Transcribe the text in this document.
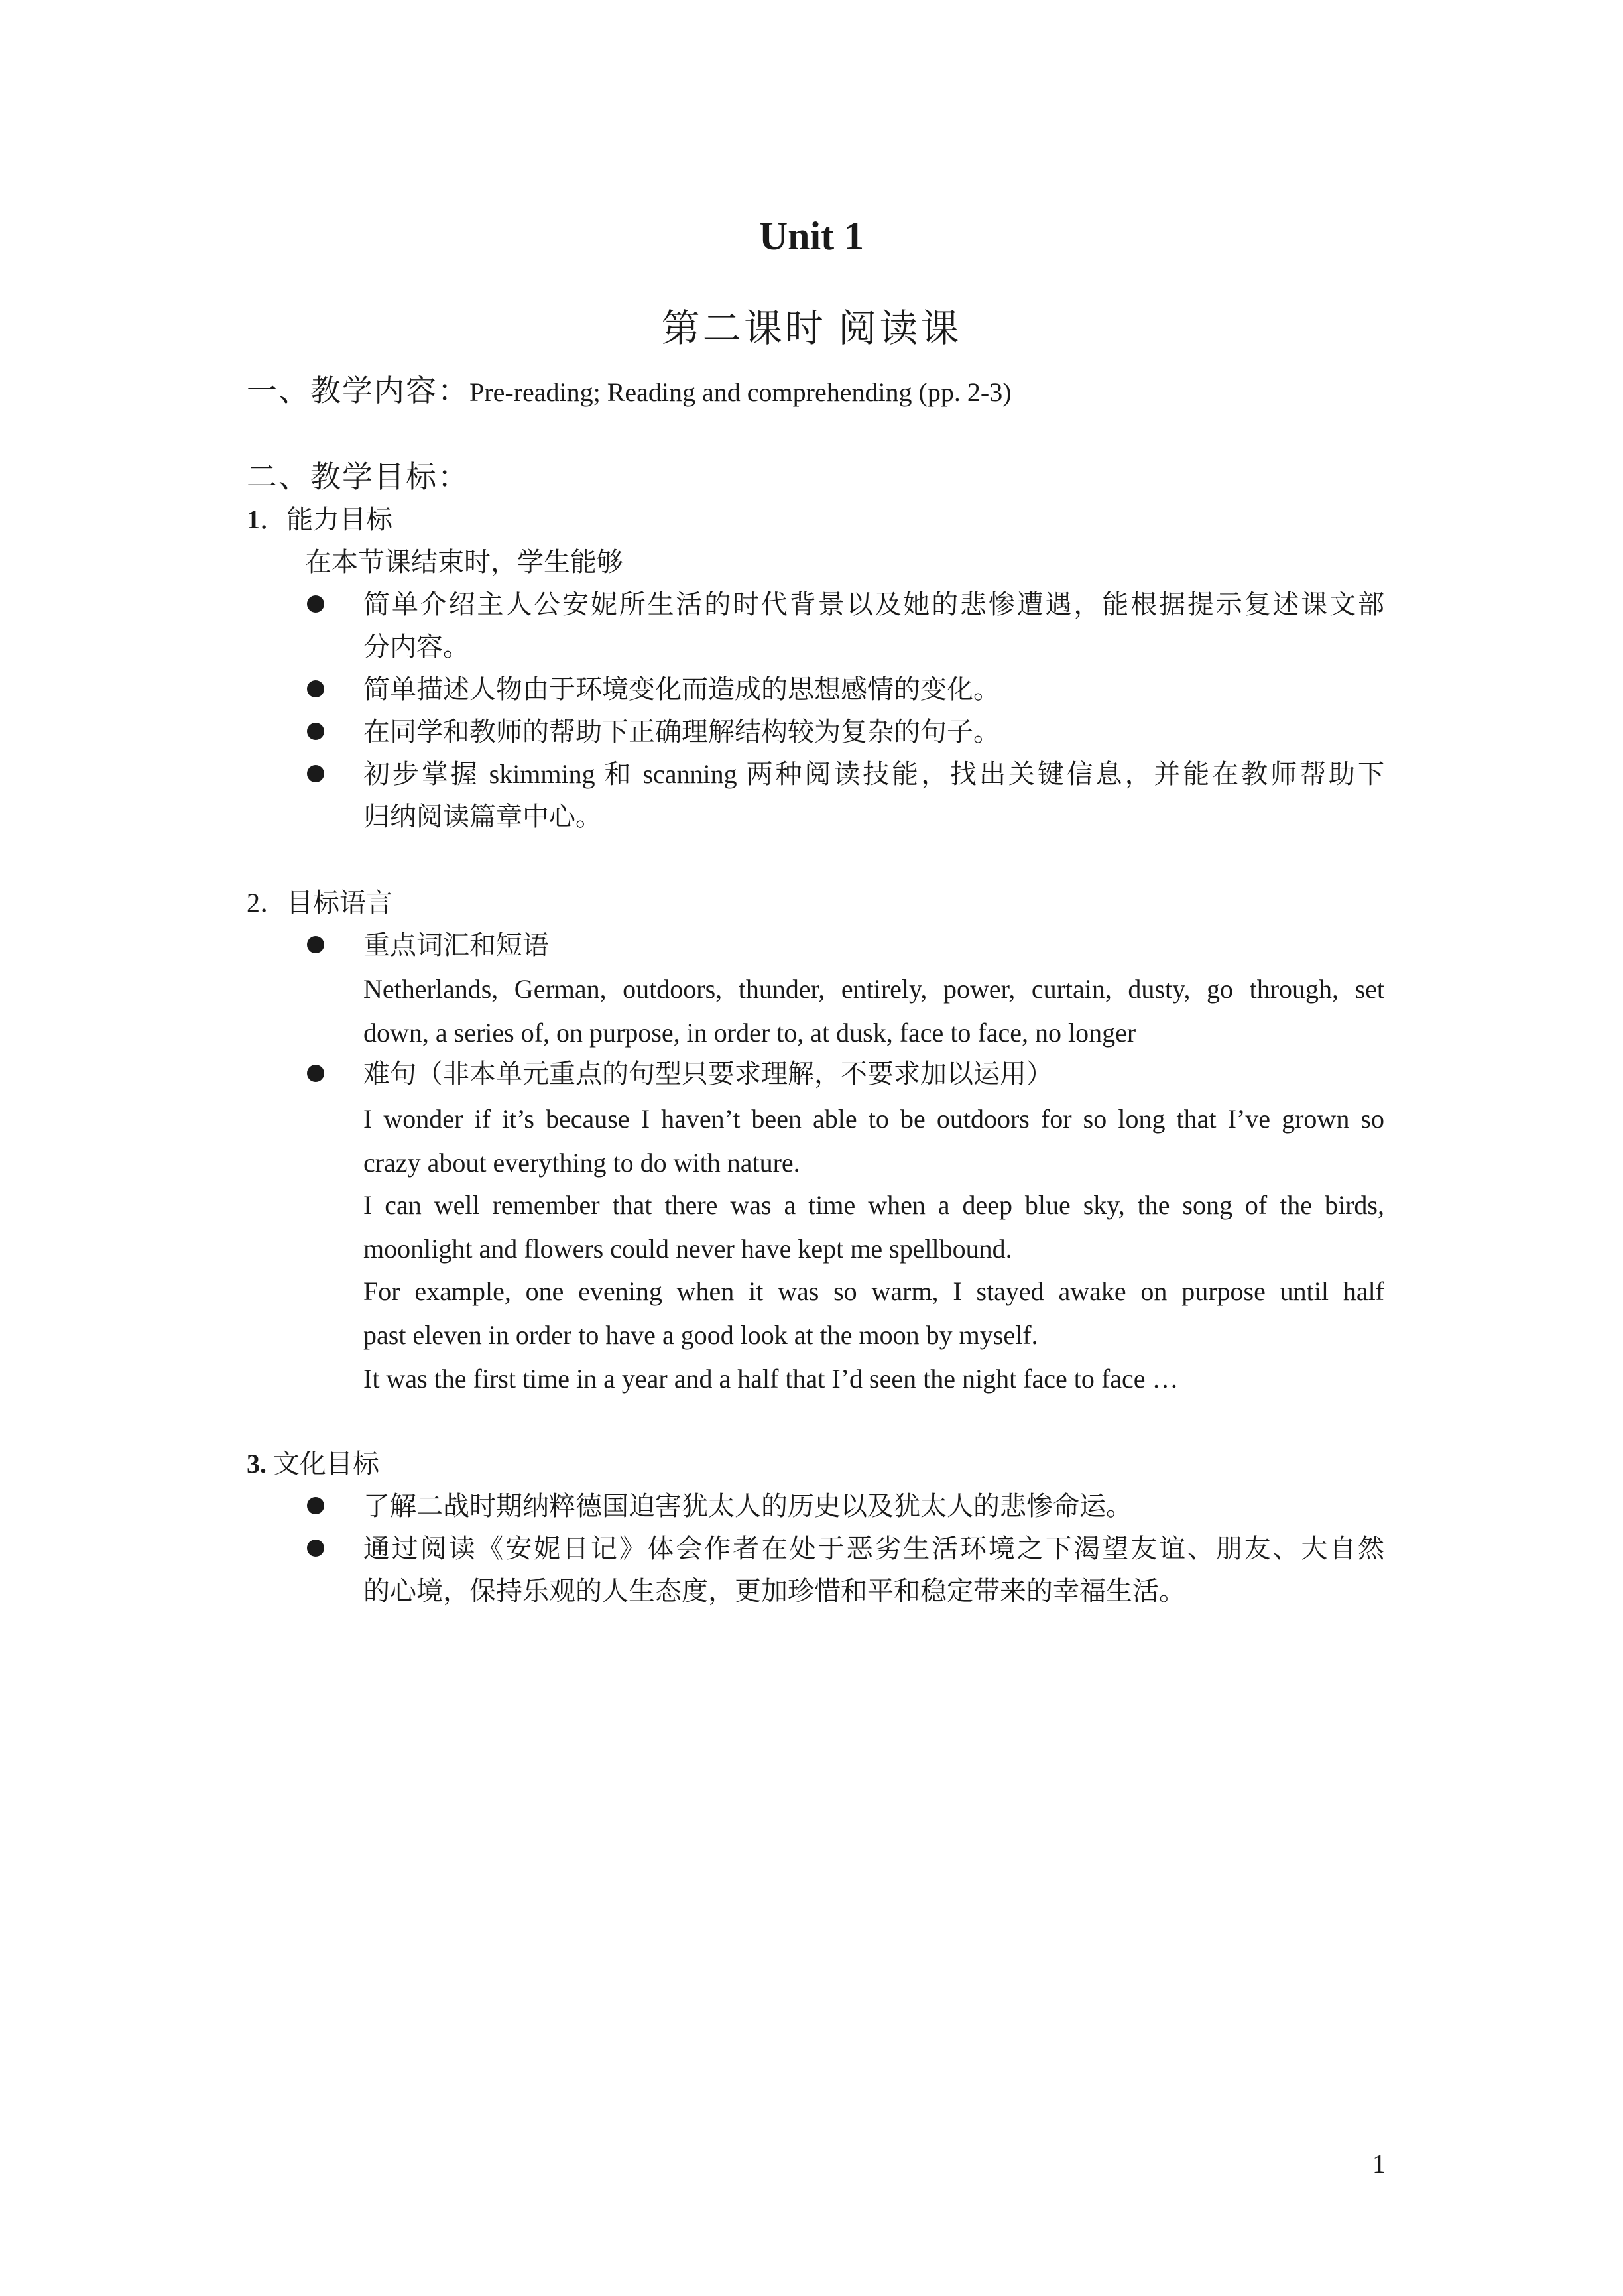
Unit 1
第二课时 阅读课
一、教学内容：Pre-reading; Reading and comprehending (pp. 2-3)
二、教学目标：
1．能力目标
在本节课结束时，学生能够
简单介绍主人公安妮所生活的时代背景以及她的悲惨遭遇，能根据提示复述课文部
分内容。
简单描述人物由于环境变化而造成的思想感情的变化。
在同学和教师的帮助下正确理解结构较为复杂的句子。
初步掌握 skimming 和 scanning 两种阅读技能，找出关键信息，并能在教师帮助下
归纳阅读篇章中心。
2．目标语言
重点词汇和短语
Netherlands, German, outdoors, thunder, entirely, power, curtain, dusty, go through, set
down, a series of, on purpose, in order to, at dusk, face to face, no longer
难句（非本单元重点的句型只要求理解，不要求加以运用）
I wonder if it’s because I haven’t been able to be outdoors for so long that I’ve grown so
crazy about everything to do with nature.
I can well remember that there was a time when a deep blue sky, the song of the birds,
moonlight and flowers could never have kept me spellbound.
For example, one evening when it was so warm, I stayed awake on purpose until half
past eleven in order to have a good look at the moon by myself.
It was the first time in a year and a half that I’d seen the night face to face …
3. 文化目标
了解二战时期纳粹德国迫害犹太人的历史以及犹太人的悲惨命运。
通过阅读《安妮日记》体会作者在处于恶劣生活环境之下渴望友谊、朋友、大自然
的心境，保持乐观的人生态度，更加珍惜和平和稳定带来的幸福生活。
1
